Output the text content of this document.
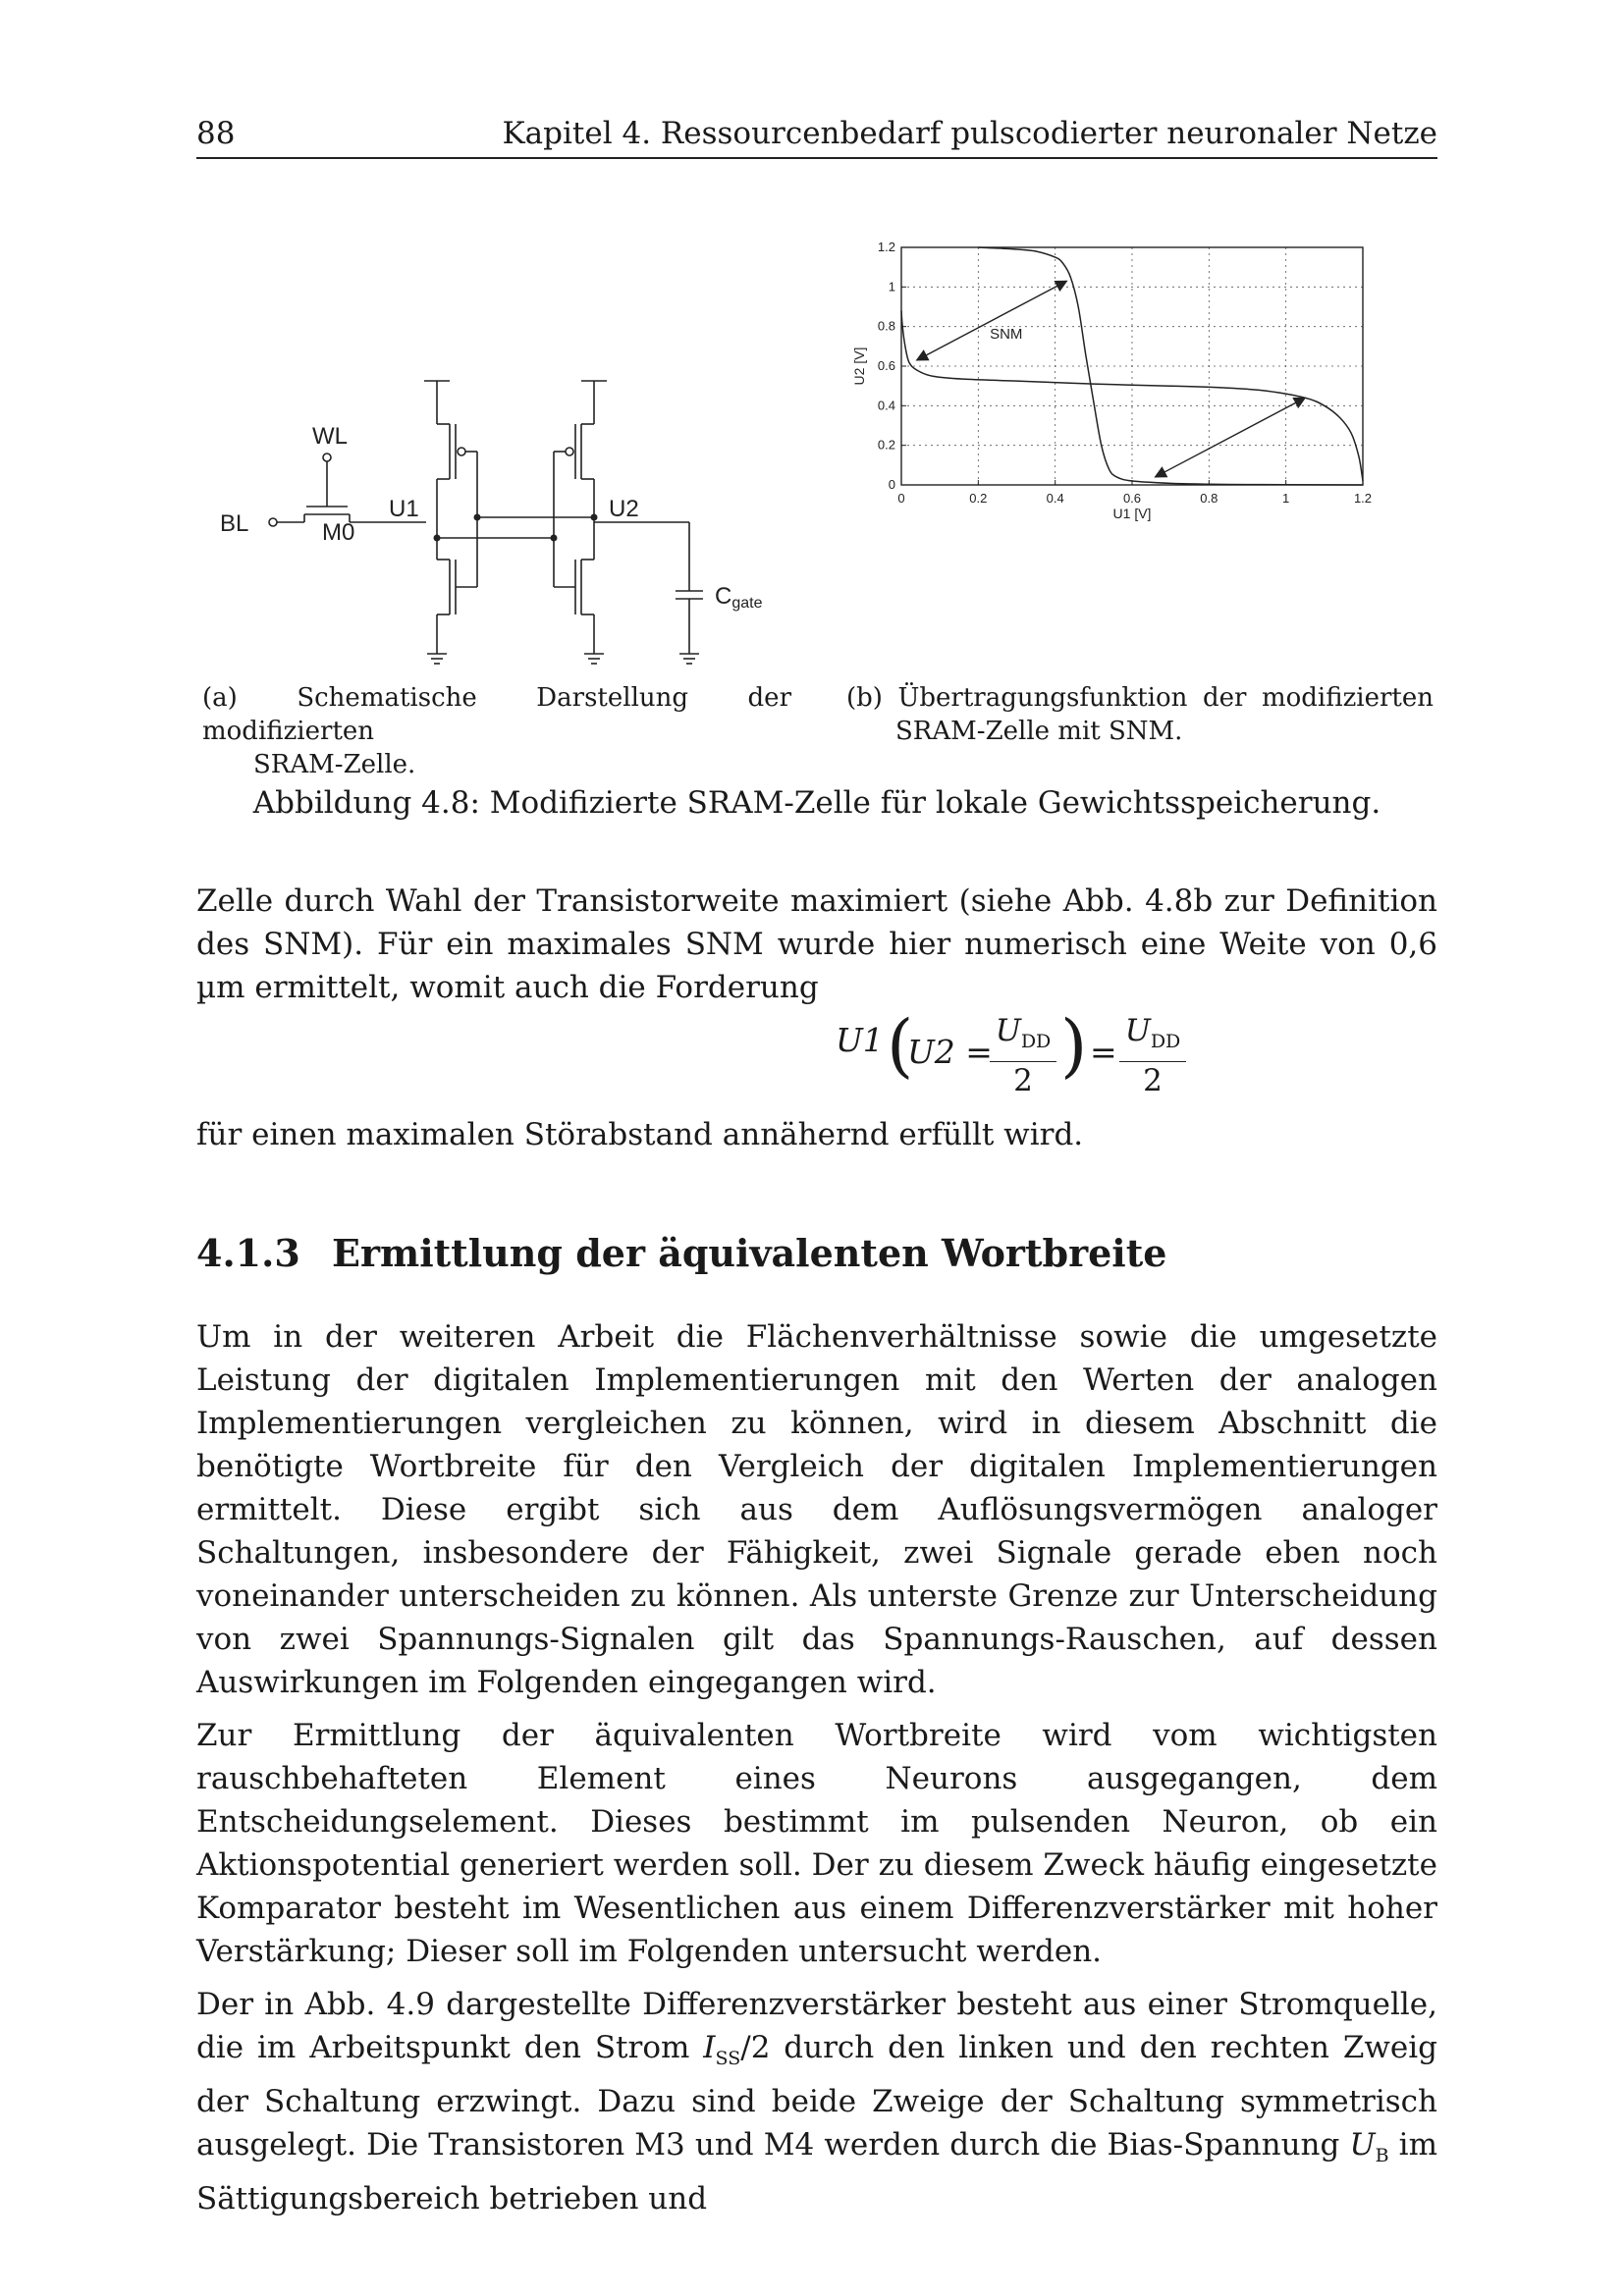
88	Kapitel 4. Ressourcenbedarf pulscodierter neuronaler Netze
BL
WL
M0
U1	U2
Cgate
0	0.2	0.4	0.6	0.8	1	1.2
0
0.2
0.4
0.6
0.8
1
1.2
SNM
U1 [V]
U2 [V]
(a) Schematische Darstellung der modifizierten
SRAM-Zelle.
(b) Übertragungsfunktion der modifizierten
SRAM-Zelle mit SNM.
Abbildung 4.8: Modifizierte SRAM-Zelle für lokale Gewichtsspeicherung.
Zelle durch Wahl der Transistorweite maximiert (siehe Abb. 4.8b zur Definition des SNM). Für ein maximales SNM wurde hier numerisch eine Weite von 0,6 µm ermittelt, womit auch die Forderung
U1 (
U2 =
$U_{DD}$
2 ) =
$U_{DD}$
2
für einen maximalen Störabstand annähernd erfüllt wird.
4.1.3 Ermittlung der äquivalenten Wortbreite

Um in der weiteren Arbeit die Flächenverhältnisse sowie die umgesetzte Leistung der digitalen Implementierungen mit den Werten der analogen Implementierungen vergleichen zu können, wird in diesem Abschnitt die benötigte Wortbreite für den Vergleich der digitalen Implementierungen ermittelt. Diese ergibt sich aus dem Auflösungsvermögen analoger Schaltungen, insbesondere der Fähigkeit, zwei Signale gerade eben noch voneinander unterscheiden zu können. Als unterste Grenze zur Unterscheidung von zwei Spannungs-Signalen gilt das Spannungs-Rauschen, auf dessen Auswirkungen im Folgenden eingegangen wird.

Zur Ermittlung der äquivalenten Wortbreite wird vom wichtigsten rauschbehafteten Element eines Neurons ausgegangen, dem Entscheidungselement. Dieses bestimmt im pulsenden Neuron, ob ein Aktionspotential generiert werden soll. Der zu diesem Zweck häufig eingesetzte Komparator besteht im Wesentlichen aus einem Differenzverstärker mit hoher Verstärkung; Dieser soll im Folgenden untersucht werden.

Der in Abb. 4.9 dargestellte Differenzverstärker besteht aus einer Stromquelle, die im Arbeitspunkt den Strom $I_{SS}/2$ durch den linken und den rechten Zweig der Schaltung erzwingt. Dazu sind beide Zweige der Schaltung symmetrisch ausgelegt. Die Transistoren M3 und M4 werden durch die Bias-Spannung $U_B$ im Sättigungsbereich betrieben und
